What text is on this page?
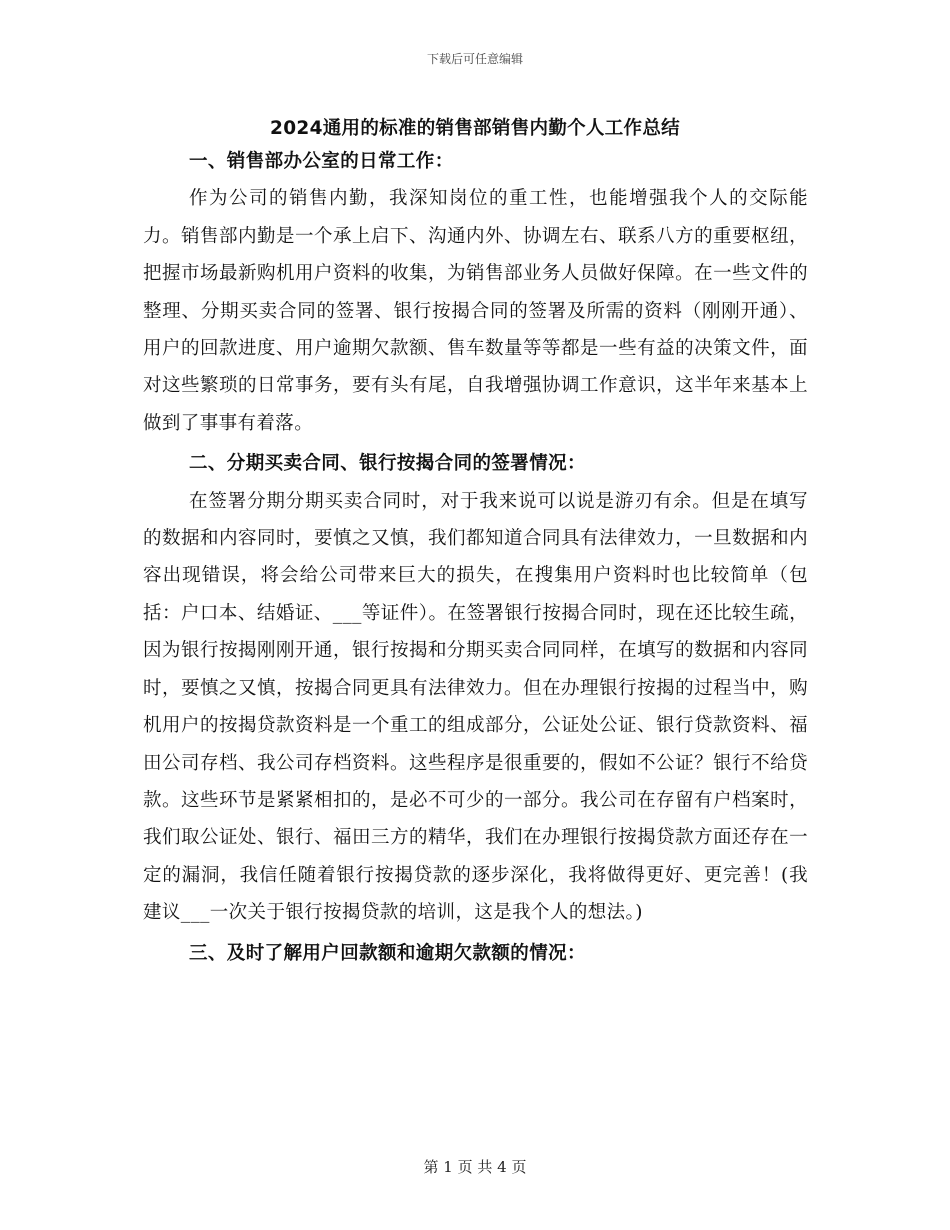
下载后可任意编辑
2024通用的标准的销售部销售内勤个人工作总结
一、销售部办公室的日常工作：

作为公司的销售内勤，我深知岗位的重工性，也能增强我个人的交际能力。销售部内勤是一个承上启下、沟通内外、协调左右、联系八方的重要枢纽，把握市场最新购机用户资料的收集，为销售部业务人员做好保障。在一些文件的整理、分期买卖合同的签署、银行按揭合同的签署及所需的资料（刚刚开通）、用户的回款进度、用户逾期欠款额、售车数量等等都是一些有益的决策文件，面对这些繁琐的日常事务，要有头有尾，自我增强协调工作意识，这半年来基本上做到了事事有着落。

二、分期买卖合同、银行按揭合同的签署情况：

在签署分期分期买卖合同时，对于我来说可以说是游刃有余。但是在填写的数据和内容同时，要慎之又慎，我们都知道合同具有法律效力，一旦数据和内容出现错误，将会给公司带来巨大的损失，在搜集用户资料时也比较简单（包括：户口本、结婚证、___等证件）。在签署银行按揭合同时，现在还比较生疏，因为银行按揭刚刚开通，银行按揭和分期买卖合同同样，在填写的数据和内容同时，要慎之又慎，按揭合同更具有法律效力。但在办理银行按揭的过程当中，购机用户的按揭贷款资料是一个重工的组成部分，公证处公证、银行贷款资料、福田公司存档、我公司存档资料。这些程序是很重要的，假如不公证？银行不给贷款。这些环节是紧紧相扣的，是必不可少的一部分。我公司在存留有户档案时，我们取公证处、银行、福田三方的精华，我们在办理银行按揭贷款方面还存在一定的漏洞，我信任随着银行按揭贷款的逐步深化，我将做得更好、更完善！(我建议___一次关于银行按揭贷款的培训，这是我个人的想法。)

三、及时了解用户回款额和逾期欠款额的情况：
第 1 页 共 4 页
